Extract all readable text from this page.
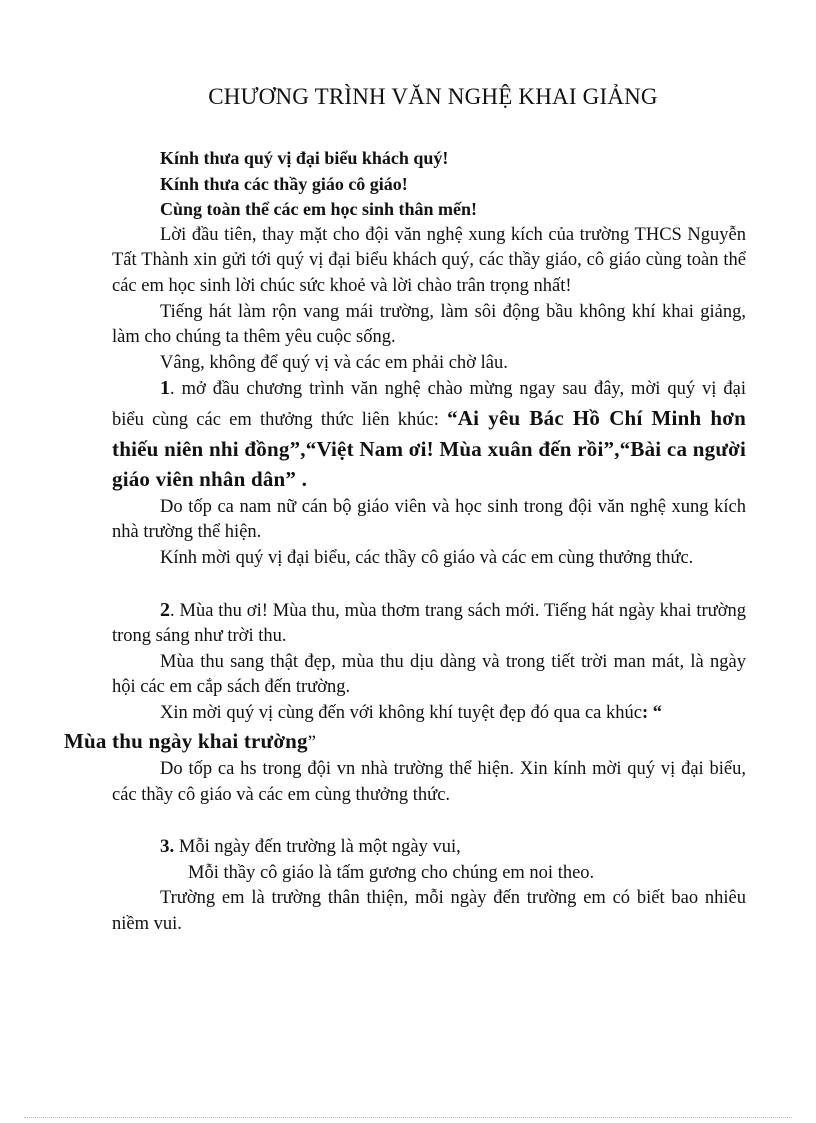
CHƯƠNG TRÌNH VĂN NGHỆ KHAI GIẢNG

Kính thưa quý vị đại biểu khách quý!

Kính thưa các thầy giáo cô giáo!

Cùng toàn thể các em học sinh thân mến!

Lời đầu tiên, thay mặt cho đội văn nghệ xung kích của trường THCS Nguyễn Tất Thành xin gửi tới quý vị đại biểu khách quý, các thầy giáo, cô giáo cùng toàn thể các em học sinh lời chúc sức khoẻ và lời chào trân trọng nhất!

Tiếng hát làm rộn vang mái trường, làm sôi động bầu không khí khai giảng, làm cho chúng ta thêm yêu cuộc sống.

Vâng, không để quý vị và các em phải chờ lâu.

1. mở đầu chương trình văn nghệ chào mừng ngay sau đây, mời quý vị đại biểu cùng các em thưởng thức liên khúc: “Ai yêu Bác Hồ Chí Minh hơn thiếu niên nhi đồng”,“Việt Nam ơi! Mùa xuân đến rồi”,“Bài ca người giáo viên nhân dân” .

Do tốp ca nam nữ cán bộ giáo viên và học sinh trong đội văn nghệ xung kích nhà trường thể hiện.

Kính mời quý vị đại biểu, các thầy cô giáo và các em cùng thưởng thức.

2. Mùa thu ơi! Mùa thu, mùa thơm trang sách mới. Tiếng hát ngày khai trường trong sáng như trời thu.

Mùa thu sang thật đẹp, mùa thu dịu dàng và trong tiết trời man mát, là ngày hội các em cắp sách đến trường.

Xin mời quý vị cùng đến với không khí tuyệt đẹp đó qua ca khúc: “
Mùa thu ngày khai trường”

Do tốp ca hs trong đội vn nhà trường thể hiện. Xin kính mời quý vị đại biểu, các thầy cô giáo và các em cùng thưởng thức.

3. Mỗi ngày đến trường là một ngày vui,

Mỗi thầy cô giáo là tấm gương cho chúng em noi theo.

Trường em là trường thân thiện, mỗi ngày đến trường em có biết bao nhiêu niềm vui.
